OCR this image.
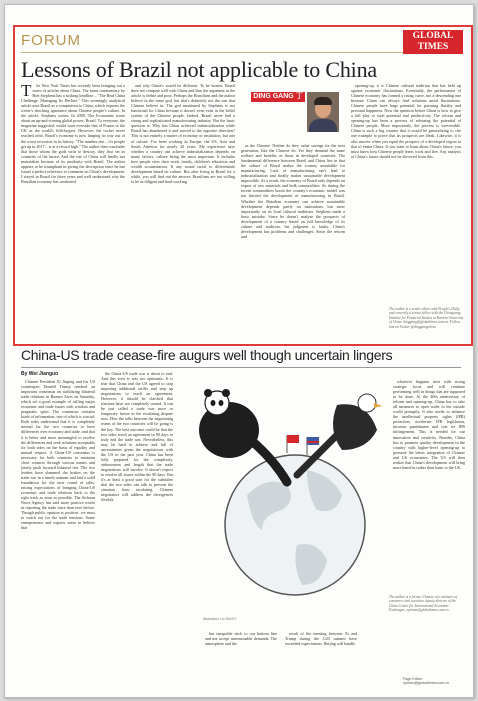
FORUM	GLOBAL
TIMES
Lessons of Brazil not applicable to China
T	he New York Times has recently been bringing out a series of articles about China. The latest commentary by Bret Stephens has a striking headline – "The Real China Challenge: Managing Its Decline." This seemingly analytical article uses Brazil as a comparison to China, which exposes the writer's shocking ignorance about Chinese people's culture. In the article, Stephens writes: In 2009, The Economist wrote about an up-and-coming global power: Brazil. To everyone, the magazine suggested, would soon overtake that of France or the UK as the world's fifth-largest. However, the rocket never reached orbit. Brazil's economy is now limping its way out of the worst recession in its history. "The number one – it's people get up in 2017 – is at a record high." The author then concludes that those whom the gods wish to destroy, they first set as countries of the future. And the rise of China will finally not materialize because of its similarity with Brazil. The author appears to be triumphant in giving the description since he has found a perfect reference to comment on China's development. I stayed in Brazil for three years and well understand why the Brazilian economy has weakened

and why China's would be different. To be honest, Brazil does not compare well with China and thus the argument in the article is feeble and poor. Perhaps the Brazilians and the author believe in the same god, but that's definitely not the one that Chinese believe in. The god mentioned by Stephens is not functional for China because it doesn't even exist in the belief system of the Chinese people. Indeed, Brazil never had a strong and sophisticated manufacturing industry. But the basic question is: Why has China achieved industrialization while Brazil has abandoned it and moved to the opposite direction? This is not entirely a matter of economy or institution, but one of culture. I've been working in Europe, the US, Asia and South America for nearly 20 years. My experience says whether a country can achieve industrialization depends on many factors, culture being the most important. It includes how people view their work, family, children's education and wealth accumulation. If any sound racial to differentiate development based on culture. But after living in Brazil for a while, you will find out the answer: Brazilians are not willing to be as diligent and hard working

DING GANG 丁刚

as the Chinese. Neither do they value savings for the next generation, like the Chinese do. Yet they demand the same welfare and benefits as those in developed countries. The fundamental difference between Brazil and China lies in that the culture of Brazil makes the country unsuitable for manufacturing. Lack of manufacturing can't lead to industrialization and finally makes sustainable development impossible. As a result, the economy of Brazil only depends on export of raw materials and bulk commodities. So during the recent commodities boom the country's economic model was not limited the development of manufacturing in Brazil. Whether the Brazilian economy can achieve sustainable development depends partly on institutions, but more importantly on its local cultural traditions. Stephens made a basic mistake. Since he doesn't analyze the prospects of development of a country based on full knowledge of its culture and tradition, his judgment is faulty. China's development has problems and challenges. Since the reform and

opening-up, it is Chinese cultural tradition that has held up against economic fluctuations. Eventually, the performance of Chinese economy has formed a rising curve, not a descending one because China can always find solutions amid fluctuations. Chinese people have huge potential for pursuing fluidity and personal happiness. Now the question before China is how to give a full play to such potential and productivity. The reform and opening-up has been a process of releasing the potential of Chinese people. More importantly, the process is irreversible. China is such a big country that it would be generalizing to cite one example to prove that its prospects are bleak. Likewise, it is also unwise when you equal the prospect of a developed region to that of entire China. If you want to learn about China's future, you must know how Chinese people learn, work and live. Any analysis of China's future should not be divorced from this.

The author is a senior editor with People's Daily, and currently a senior fellow with the Chongyang Institute for Financial Studies at Renmin University of China. dinggang@globaltimes.com.cn. Follow him on Twitter @dinggangchina
China-US trade cease-fire augurs well though uncertain lingers
By Wei Jianguo

Chinese President Xi Jinping and his US counterpart Donald Trump reached an important consensus on stabilizing bilateral trade relations in Buenos Aires on Saturday, which set a good example of calling major economic and trade issues with wisdom and pragmatic spirit. The consensus contains loads of information, one of which is crucial: Both sides understand that it is completely normal for the two countries to have differences over economy and trade, and that it is better and more meaningful to resolve the differences and seek solutions acceptable for both sides on the basis of equality and mutual respect. A China-US consensus is necessary for both countries to maintain close contacts through various means and jointly push forward bilateral ties. The two leaders have slammed the brakes on the trade war in a timely manner and laid a solid foundation for the next round of talks, raising expectations of bringing China-US economic and trade relations back to the right track as soon as possible. The Sichuan News Agency has said more positive words in reporting the trade truce than ever before. Though public opinion is positive, we must to watch out for the trade tensions. Some entrepreneurs and experts seem to believe that

the China-US trade war is about to end. And this view is way too optimistic. It is true that China and the US agreed to stop imposing additional tariffs and step up negotiations to reach an agreement. However, it should be clarified that tensions have not completely ceased. It can be just called a trade war truce or temporary freeze in the escalating dispute now. How the talks between the negotiating teams of the two countries will be going is the key. The best outcome could be that the two sides reach an agreement in 90 days to truly end the trade war. Nevertheless, this may be hard to achieve and full of uncertainties given the negotiations with the US in the past year. China has been fully prepared for the complexity, arduousness and length that the trade negotiations will involve. It doesn't expect to resolve all issues within the 90 days. But it's at least a good start for the subsidies that the two sides can talk to prevent the situation from escalating. Chinese negotiators will address the divergences flexibly

Illustration: Liu Rui/GT

but inexpoble stick to our bottom line and not accept unreasonable demands. The atmosphere and the

result of the meeting between Xi and Trump during the G20 summit have exceeded expectations. Beijing will handle

whatever happens next with strong strategic focus and will continue performing well in things that are supposed to be done. At the 40th anniversary of reform and opening-up, China has to take all measures to open wider to the outside world promptly. It also needs to enhance the intellectual property rights (IPR) protection, accelerate IPR legislation, increase punishment and cost for IPR infringement. This is needed for our innovation and creativity. Besides, China has to promote quality development in the country with higher-level opening-up to promote the better integration of Chinese and US economies. The US will then realize that China's development will bring more benefits rather than harm to the US.

The author is a former Chinese vice minister of commerce and executive deputy director of the China Center for International Economic Exchanges. opinion@globaltimes.com.cn
Page Editor:
opinion@globaltimes.com.cn
